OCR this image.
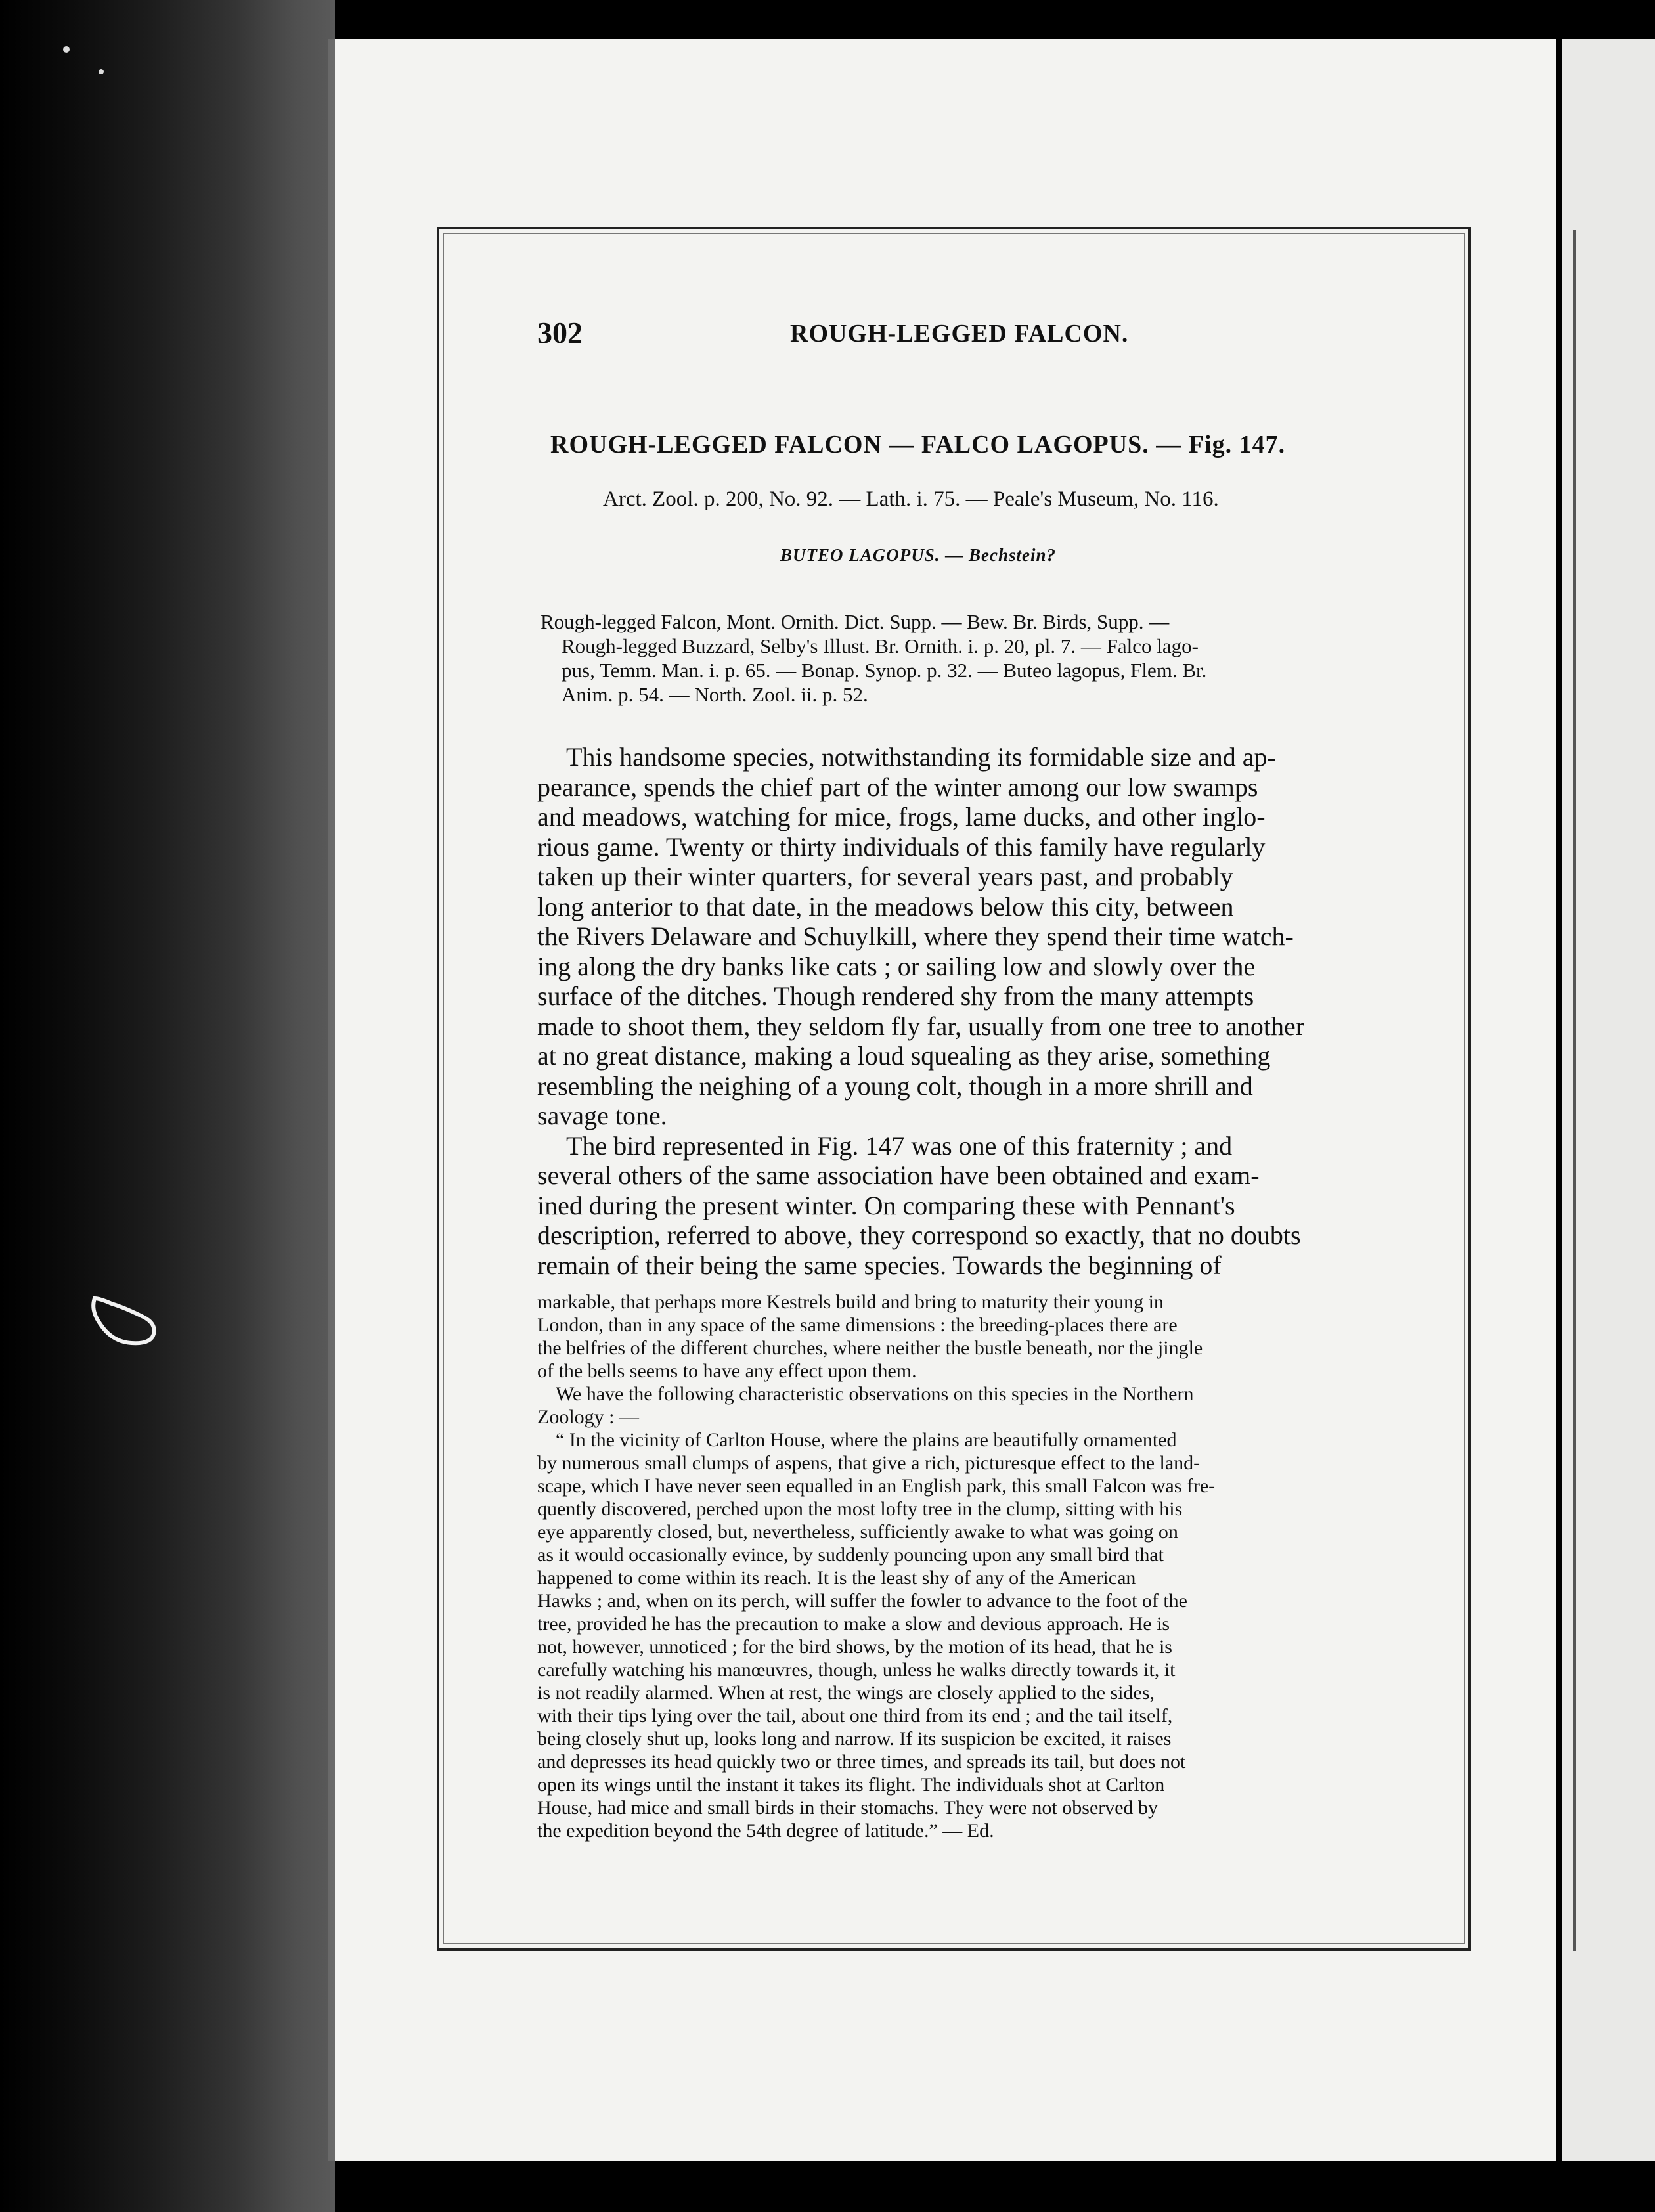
302	ROUGH-LEGGED FALCON.
ROUGH-LEGGED FALCON — FALCO LAGOPUS. — Fig. 147.
Arct. Zool. p. 200, No. 92. — Lath. i. 75. — Peale's Museum, No. 116.
BUTEO LAGOPUS. — Bechstein?
Rough-legged Falcon, Mont. Ornith. Dict. Supp. — Bew. Br. Birds, Supp. —
Rough-legged Buzzard, Selby's Illust. Br. Ornith. i. p. 20, pl. 7. — Falco lago-
pus, Temm. Man. i. p. 65. — Bonap. Synop. p. 32. — Buteo lagopus, Flem. Br.
Anim. p. 54. — North. Zool. ii. p. 52.
This handsome species, notwithstanding its formidable size and ap-
pearance, spends the chief part of the winter among our low swamps
and meadows, watching for mice, frogs, lame ducks, and other inglo-
rious game. Twenty or thirty individuals of this family have regularly
taken up their winter quarters, for several years past, and probably
long anterior to that date, in the meadows below this city, between
the Rivers Delaware and Schuylkill, where they spend their time watch-
ing along the dry banks like cats ; or sailing low and slowly over the
surface of the ditches. Though rendered shy from the many attempts
made to shoot them, they seldom fly far, usually from one tree to another
at no great distance, making a loud squealing as they arise, something
resembling the neighing of a young colt, though in a more shrill and
savage tone.
The bird represented in Fig. 147 was one of this fraternity ; and
several others of the same association have been obtained and exam-
ined during the present winter. On comparing these with Pennant's
description, referred to above, they correspond so exactly, that no doubts
remain of their being the same species. Towards the beginning of
markable, that perhaps more Kestrels build and bring to maturity their young in
London, than in any space of the same dimensions : the breeding-places there are
the belfries of the different churches, where neither the bustle beneath, nor the jingle
of the bells seems to have any effect upon them.
We have the following characteristic observations on this species in the Northern
Zoology : —
“ In the vicinity of Carlton House, where the plains are beautifully ornamented
by numerous small clumps of aspens, that give a rich, picturesque effect to the land-
scape, which I have never seen equalled in an English park, this small Falcon was fre-
quently discovered, perched upon the most lofty tree in the clump, sitting with his
eye apparently closed, but, nevertheless, sufficiently awake to what was going on
as it would occasionally evince, by suddenly pouncing upon any small bird that
happened to come within its reach. It is the least shy of any of the American
Hawks ; and, when on its perch, will suffer the fowler to advance to the foot of the
tree, provided he has the precaution to make a slow and devious approach. He is
not, however, unnoticed ; for the bird shows, by the motion of its head, that he is
carefully watching his manœuvres, though, unless he walks directly towards it, it
is not readily alarmed. When at rest, the wings are closely applied to the sides,
with their tips lying over the tail, about one third from its end ; and the tail itself,
being closely shut up, looks long and narrow. If its suspicion be excited, it raises
and depresses its head quickly two or three times, and spreads its tail, but does not
open its wings until the instant it takes its flight. The individuals shot at Carlton
House, had mice and small birds in their stomachs. They were not observed by
the expedition beyond the 54th degree of latitude.” — Ed.
